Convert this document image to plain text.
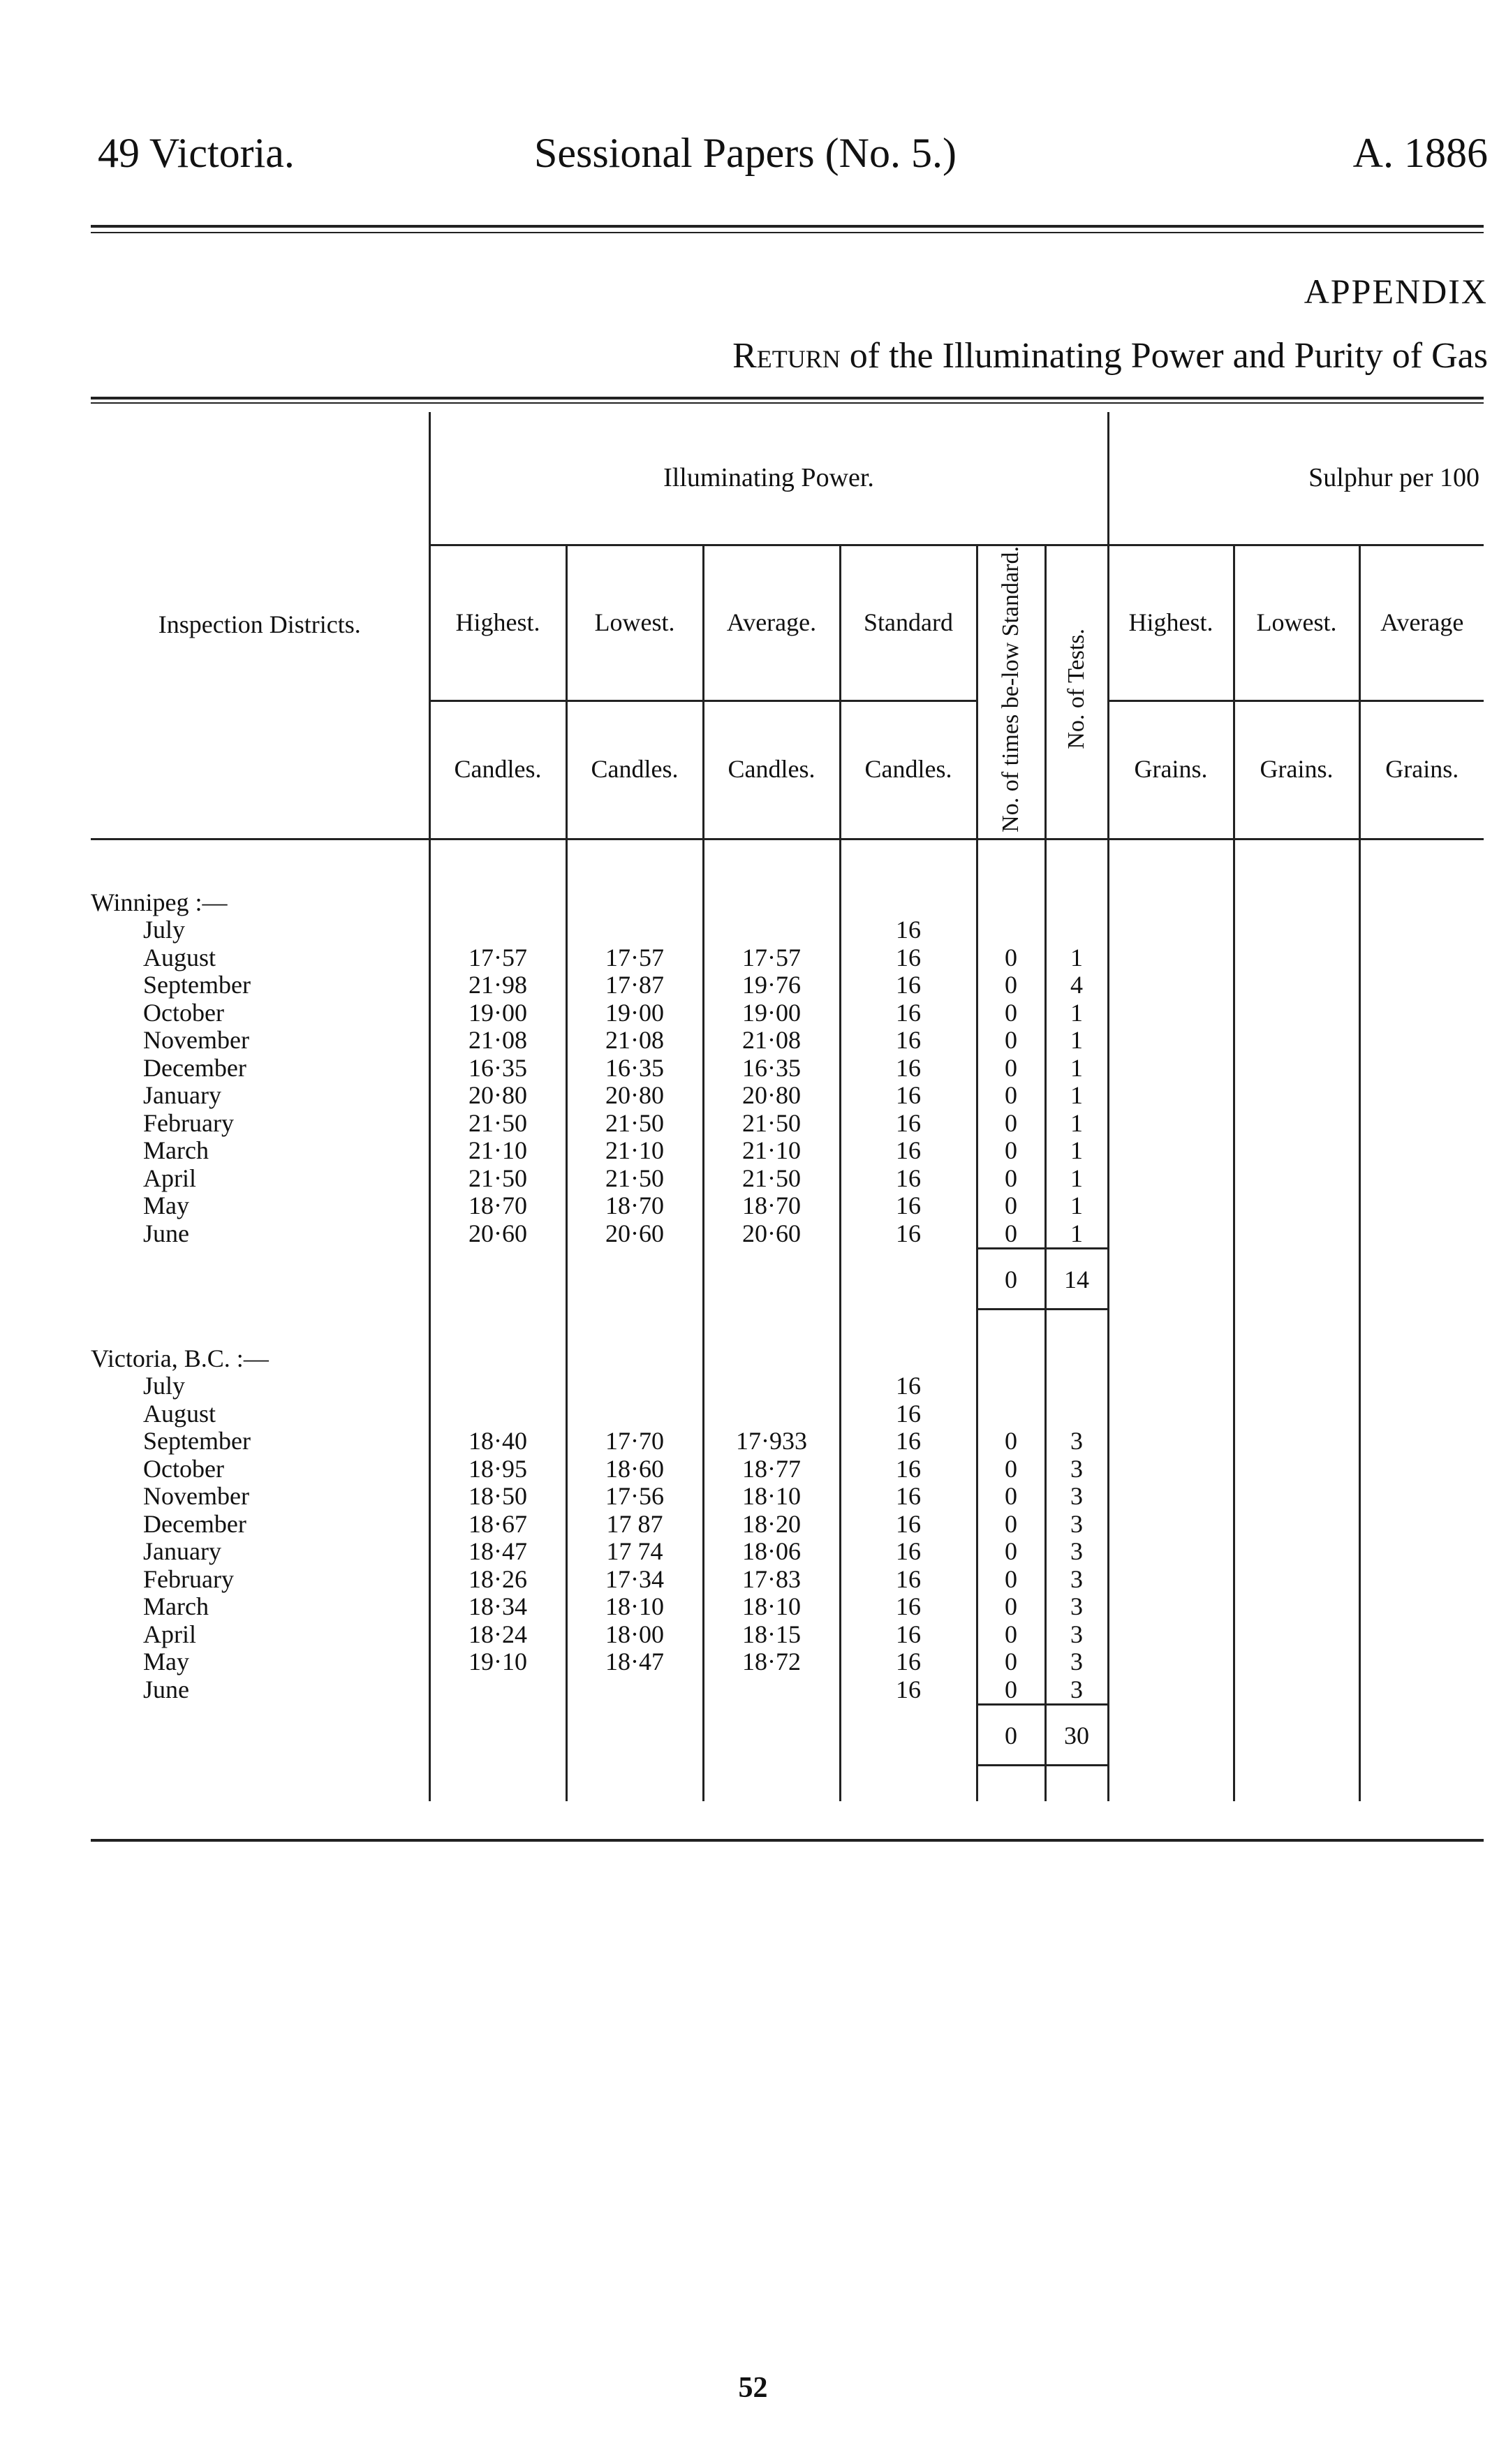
49 Victoria.	Sessional Papers (No. 5.)	A. 1886
APPENDIX
Return of the Illuminating Power and Purity of Gas
Inspection Districts.	Illuminating Power.						Sulphur per 100		
	Highest.	Lowest.	Average.	Standard	No. of times be-low Standard.	No. of Tests.	Highest.	Lowest.	Average
	Candles.	Candles.	Candles.	Candles.			Grains.	Grains.	Grains.

Winnipeg :—									
July				16					
August	17·57	17·57	17·57	16	0	1			
September	21·98	17·87	19·76	16	0	4			
October	19·00	19·00	19·00	16	0	1			
November	21·08	21·08	21·08	16	0	1			
December	16·35	16·35	16·35	16	0	1			
January	20·80	20·80	20·80	16	0	1			
February	21·50	21·50	21·50	16	0	1			
March	21·10	21·10	21·10	16	0	1			
April	21·50	21·50	21·50	16	0	1			
May	18·70	18·70	18·70	16	0	1			
June	20·60	20·60	20·60	16	0	1			
					0	14			

Victoria, B.C. :—									
July				16					
August				16					
September	18·40	17·70	17·933	16	0	3			
October	18·95	18·60	18·77	16	0	3			
November	18·50	17·56	18·10	16	0	3			
December	18·67	17 87	18·20	16	0	3			
January	18·47	17 74	18·06	16	0	3			
February	18·26	17·34	17·83	16	0	3			
March	18·34	18·10	18·10	16	0	3			
April	18·24	18·00	18·15	16	0	3			
May	19·10	18·47	18·72	16	0	3			
June				16	0	3			
					0	30			

52
